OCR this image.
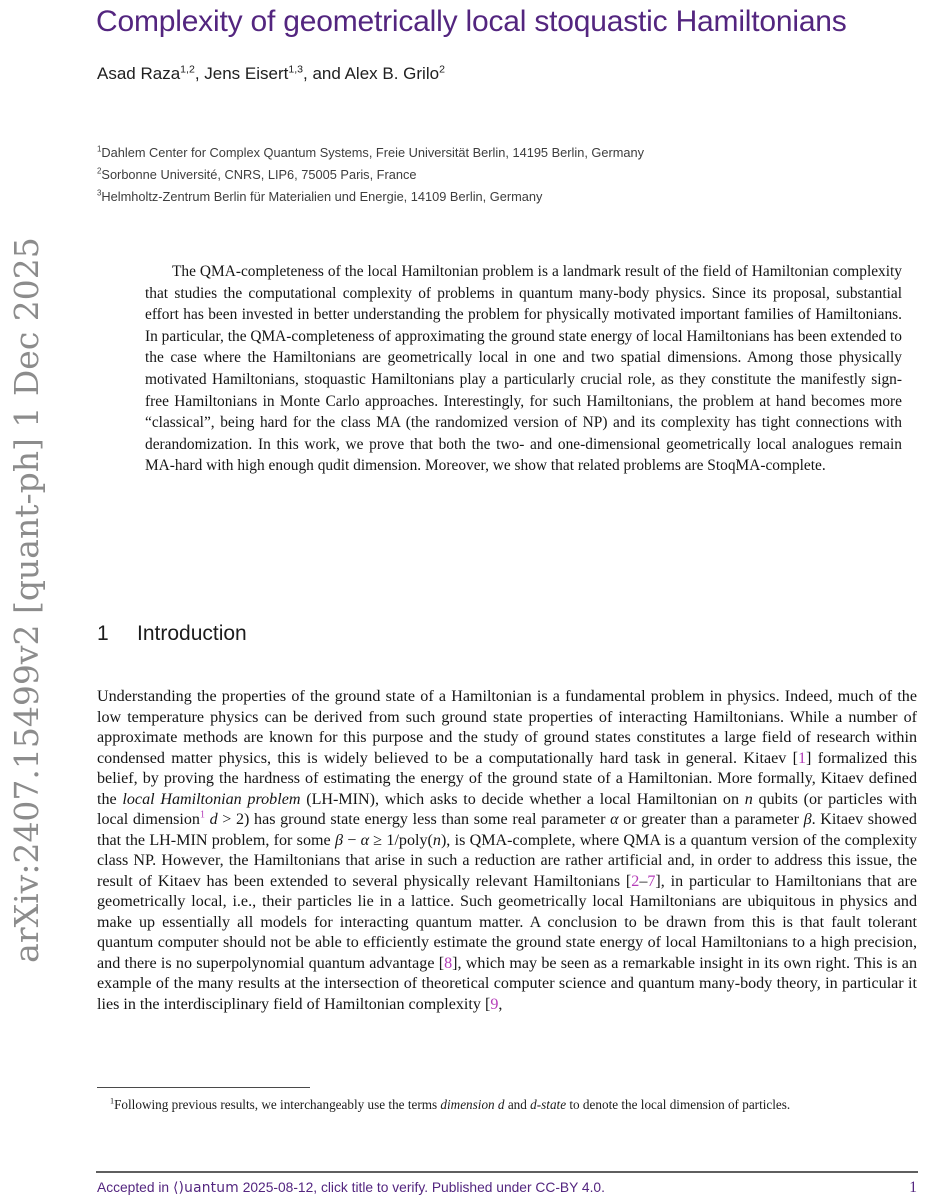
arXiv:2407.15499v2 [quant-ph] 1 Dec 2025
Complexity of geometrically local stoquastic Hamiltonians
Asad Raza$^{1,2}$, Jens Eisert$^{1,3}$, and Alex B. Grilo$^2$
$^1$Dahlem Center for Complex Quantum Systems, Freie Universität Berlin, 14195 Berlin, Germany
$^2$Sorbonne Université, CNRS, LIP6, 75005 Paris, France
$^3$Helmholtz-Zentrum Berlin für Materialien und Energie, 14109 Berlin, Germany

The QMA-completeness of the local Hamiltonian problem is a landmark result of the field of Hamiltonian complexity that studies the computational complexity of problems in quantum many-body physics. Since its proposal, substantial effort has been invested in better understanding the problem for physically motivated important families of Hamiltonians. In particular, the QMA-completeness of approximating the ground state energy of local Hamiltonians has been extended to the case where the Hamiltonians are geometrically local in one and two spatial dimensions. Among those physically motivated Hamiltonians, stoquastic Hamiltonians play a particularly crucial role, as they constitute the manifestly sign-free Hamiltonians in Monte Carlo approaches. Interestingly, for such Hamiltonians, the problem at hand becomes more “classical”, being hard for the class MA (the randomized version of NP) and its complexity has tight connections with derandomization. In this work, we prove that both the two- and one-dimensional geometrically local analogues remain MA-hard with high enough qudit dimension. Moreover, we show that related problems are StoqMA-complete.

1 Introduction
Understanding the properties of the ground state of a Hamiltonian is a fundamental problem in physics. Indeed, much of the low temperature physics can be derived from such ground state properties of interacting Hamiltonians. While a number of approximate methods are known for this purpose and the study of ground states constitutes a large field of research within condensed matter physics, this is widely believed to be a computationally hard task in general. Kitaev [1] formalized this belief, by proving the hardness of estimating the energy of the ground state of a Hamiltonian. More formally, Kitaev defined the local Hamiltonian problem (LH-MIN), which asks to decide whether a local Hamiltonian on n qubits (or particles with local dimension$^1$ d > 2) has ground state energy less than some real parameter α or greater than a parameter β. Kitaev showed that the LH-MIN problem, for some β − α ≥ 1/poly(n), is QMA-complete, where QMA is a quantum version of the complexity class NP. However, the Hamiltonians that arise in such a reduction are rather artificial and, in order to address this issue, the result of Kitaev has been extended to several physically relevant Hamiltonians [2–7], in particular to Hamiltonians that are geometrically local, i.e., their particles lie in a lattice. Such geometrically local Hamiltonians are ubiquitous in physics and make up essentially all models for interacting quantum matter. A conclusion to be drawn from this is that fault tolerant quantum computer should not be able to efficiently estimate the ground state energy of local Hamiltonians to a high precision, and there is no superpolynomial quantum advantage [8], which may be seen as a remarkable insight in its own right. This is an example of the many results at the intersection of theoretical computer science and quantum many-body theory, in particular it lies in the interdisciplinary field of Hamiltonian complexity [9,
$^1$Following previous results, we interchangeably use the terms dimension d and d-state to denote the local dimension of particles.
Accepted in ⟨)uantum 2025-08-12, click title to verify. Published under CC-BY 4.0.	1
